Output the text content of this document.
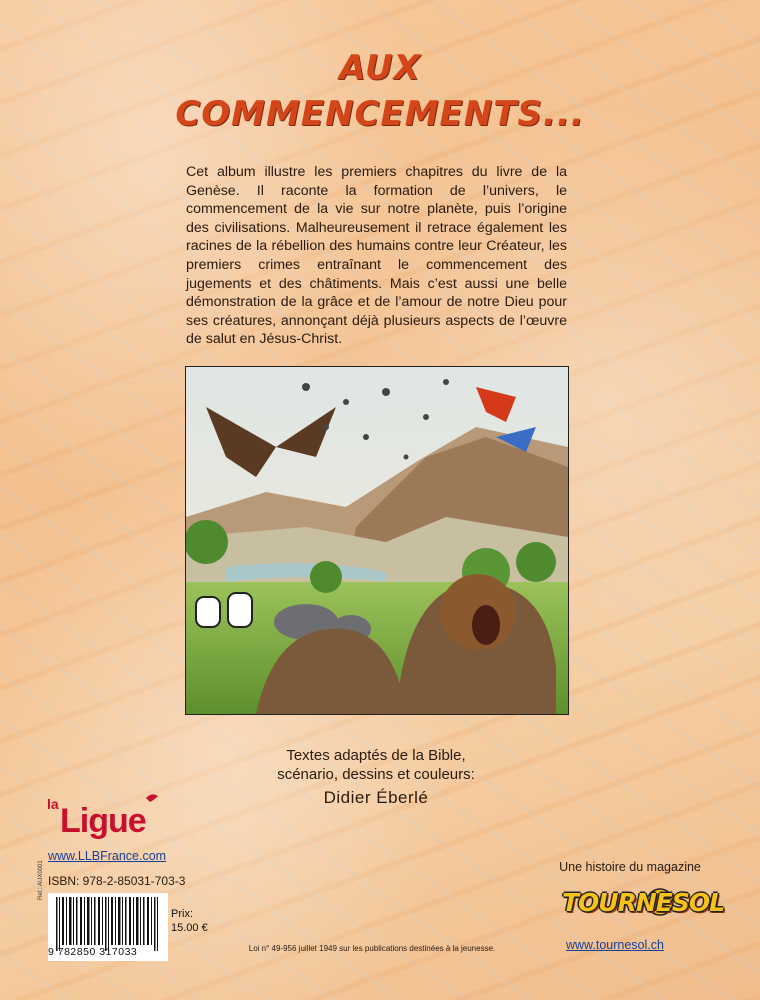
AUX
COMMENCEMENTS...
Cet album illustre les premiers chapitres du livre de la Genèse. Il raconte la formation de l’univers, le commencement de la vie sur notre planète, puis l’origine des civilisations. Malheureusement il retrace également les racines de la rébellion des humains contre leur Créateur, les premiers crimes entraînant le commencement des jugements et des châtiments. Mais c’est aussi une belle démonstration de la grâce et de l’amour de notre Dieu pour ses créatures, annonçant déjà plusieurs aspects de l’œuvre de salut en Jésus-Christ.
Textes adaptés de la Bible,
scénario, dessins et couleurs:
Didier Éberlé
la Ligue
www.LLBFrance.com
ISBN: 978-2-85031-703-3
Ref.: AUX0001
9 782850 317033
Prix:
15.00 €
Loi n° 49-956 juillet 1949 sur les publications destinées à la jeunesse.
Une histoire du magazine
TOURNESOL
www.tournesol.ch
